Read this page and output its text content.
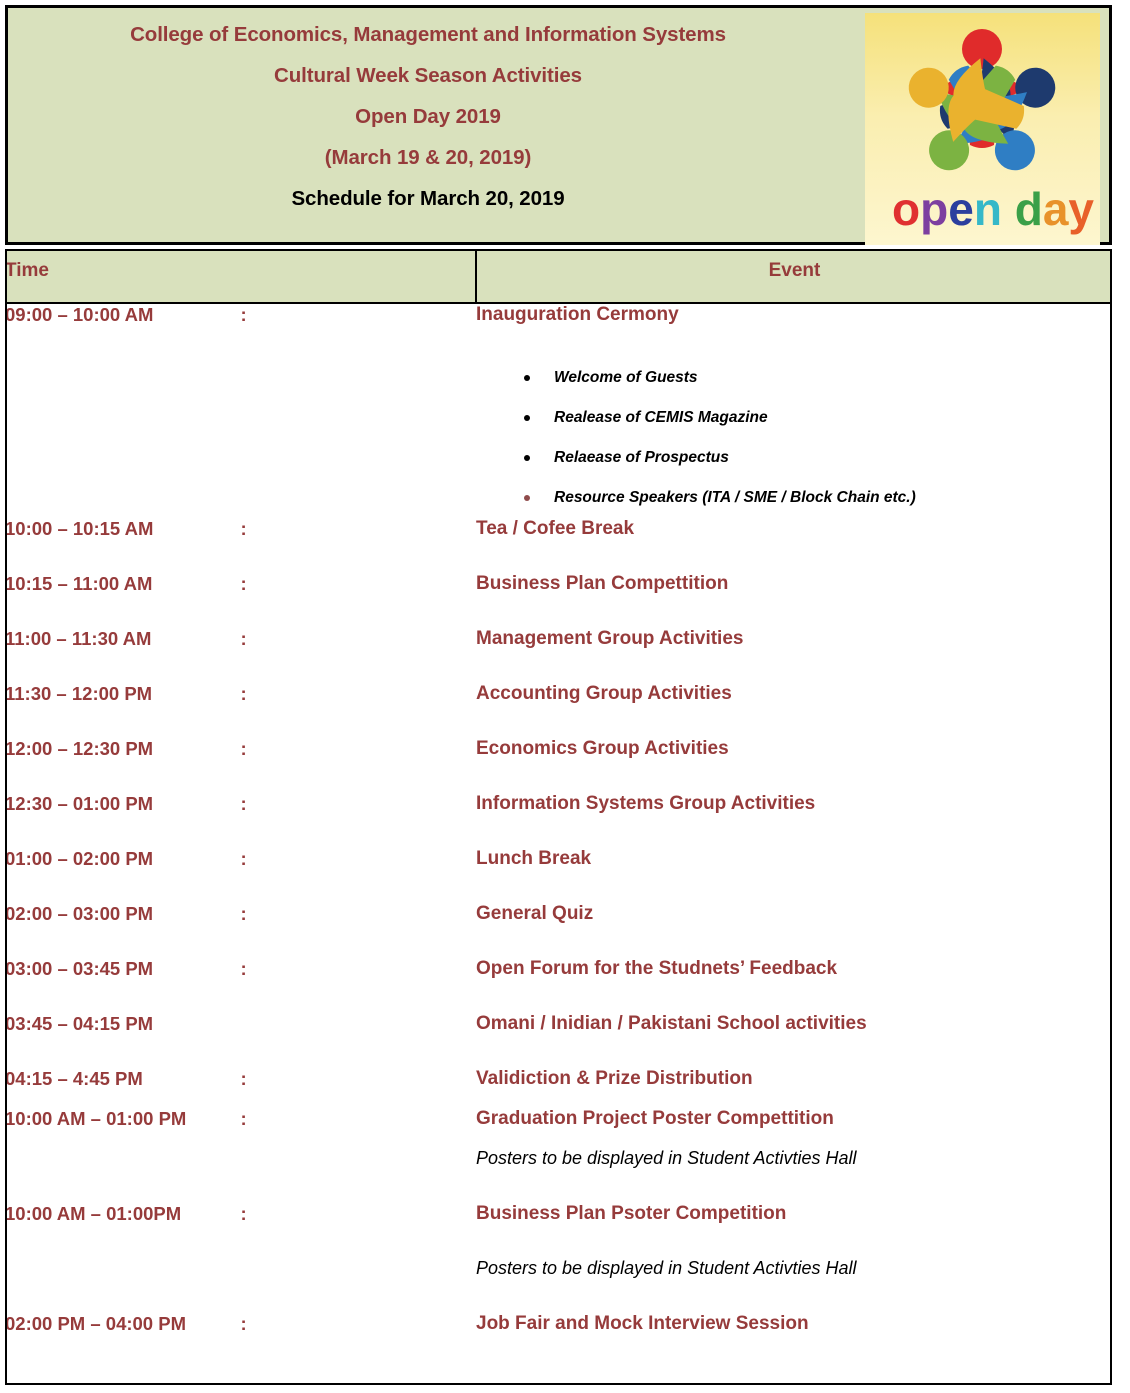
College of Economics, Management and Information Systems
Cultural Week Season Activities
Open Day 2019
(March 19 & 20, 2019)
Schedule for March 20, 2019	open day
Time		Event
09:00 – 10:00 AM	:	Inauguration Cermony

Welcome of Guests
Realease of CEMIS Magazine
Relaease of Prospectus
Resource Speakers (ITA / SME / Block Chain etc.)

10:00 – 10:15 AM	:	Tea / Cofee Break
10:15 – 11:00 AM	:	Business Plan Compettition
11:00 – 11:30 AM	:	Management Group Activities
11:30 – 12:00 PM	:	Accounting Group Activities
12:00 – 12:30 PM	:	Economics Group Activities
12:30 – 01:00 PM	:	Information Systems Group Activities
01:00 – 02:00 PM	:	Lunch Break
02:00 – 03:00 PM	:	General Quiz
03:00 – 03:45 PM	:	Open Forum for the Studnets’ Feedback
03:45 – 04:15 PM		Omani / Inidian / Pakistani School activities
04:15 – 4:45 PM	:	Validiction & Prize Distribution
10:00 AM – 01:00 PM	:	Graduation Project Poster Compettition
		Posters to be displayed in Student Activties Hall
10:00 AM – 01:00PM	:	Business Plan Psoter Competition
		Posters to be displayed in Student Activties Hall
02:00 PM – 04:00 PM	:	Job Fair and Mock Interview Session
